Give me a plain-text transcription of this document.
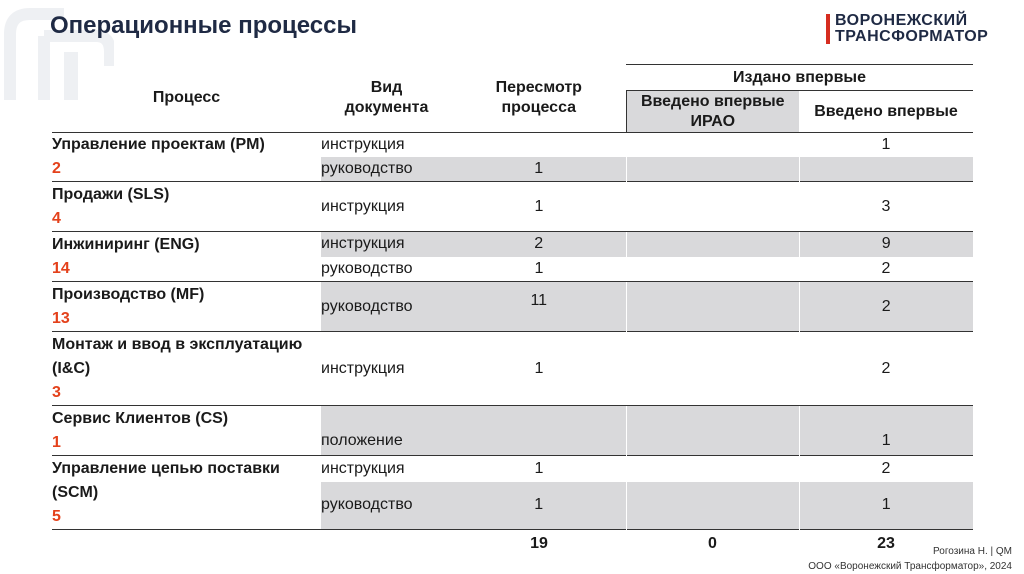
Операционные процессы	ВОРОНЕЖСКИЙ
ТРАНСФОРМАТОР
Процесс	Вид документа	Пересмотр процесса	Издано впервые	

			Введено впервые ИРАО	Введено впервые
Управление проектам (PM)
2	инструкция			1
	руководство	1		
Продажи (SLS)
4	инструкция	1		3
Инжиниринг (ENG)
14	инструкция	2		9
	руководство	1		2
Производство (MF)
13	руководство	11		2
Монтаж и ввод в эксплуатацию (I&C)
3	инструкция	1		2
Сервис Клиентов (CS)
1	положение			1
Управление цепью поставки (SCM)
5	инструкция	1		2
	руководство	1		1
		19	0	23	Рогозина Н. | QM
ООО «Воронежский Трансформатор», 2024
